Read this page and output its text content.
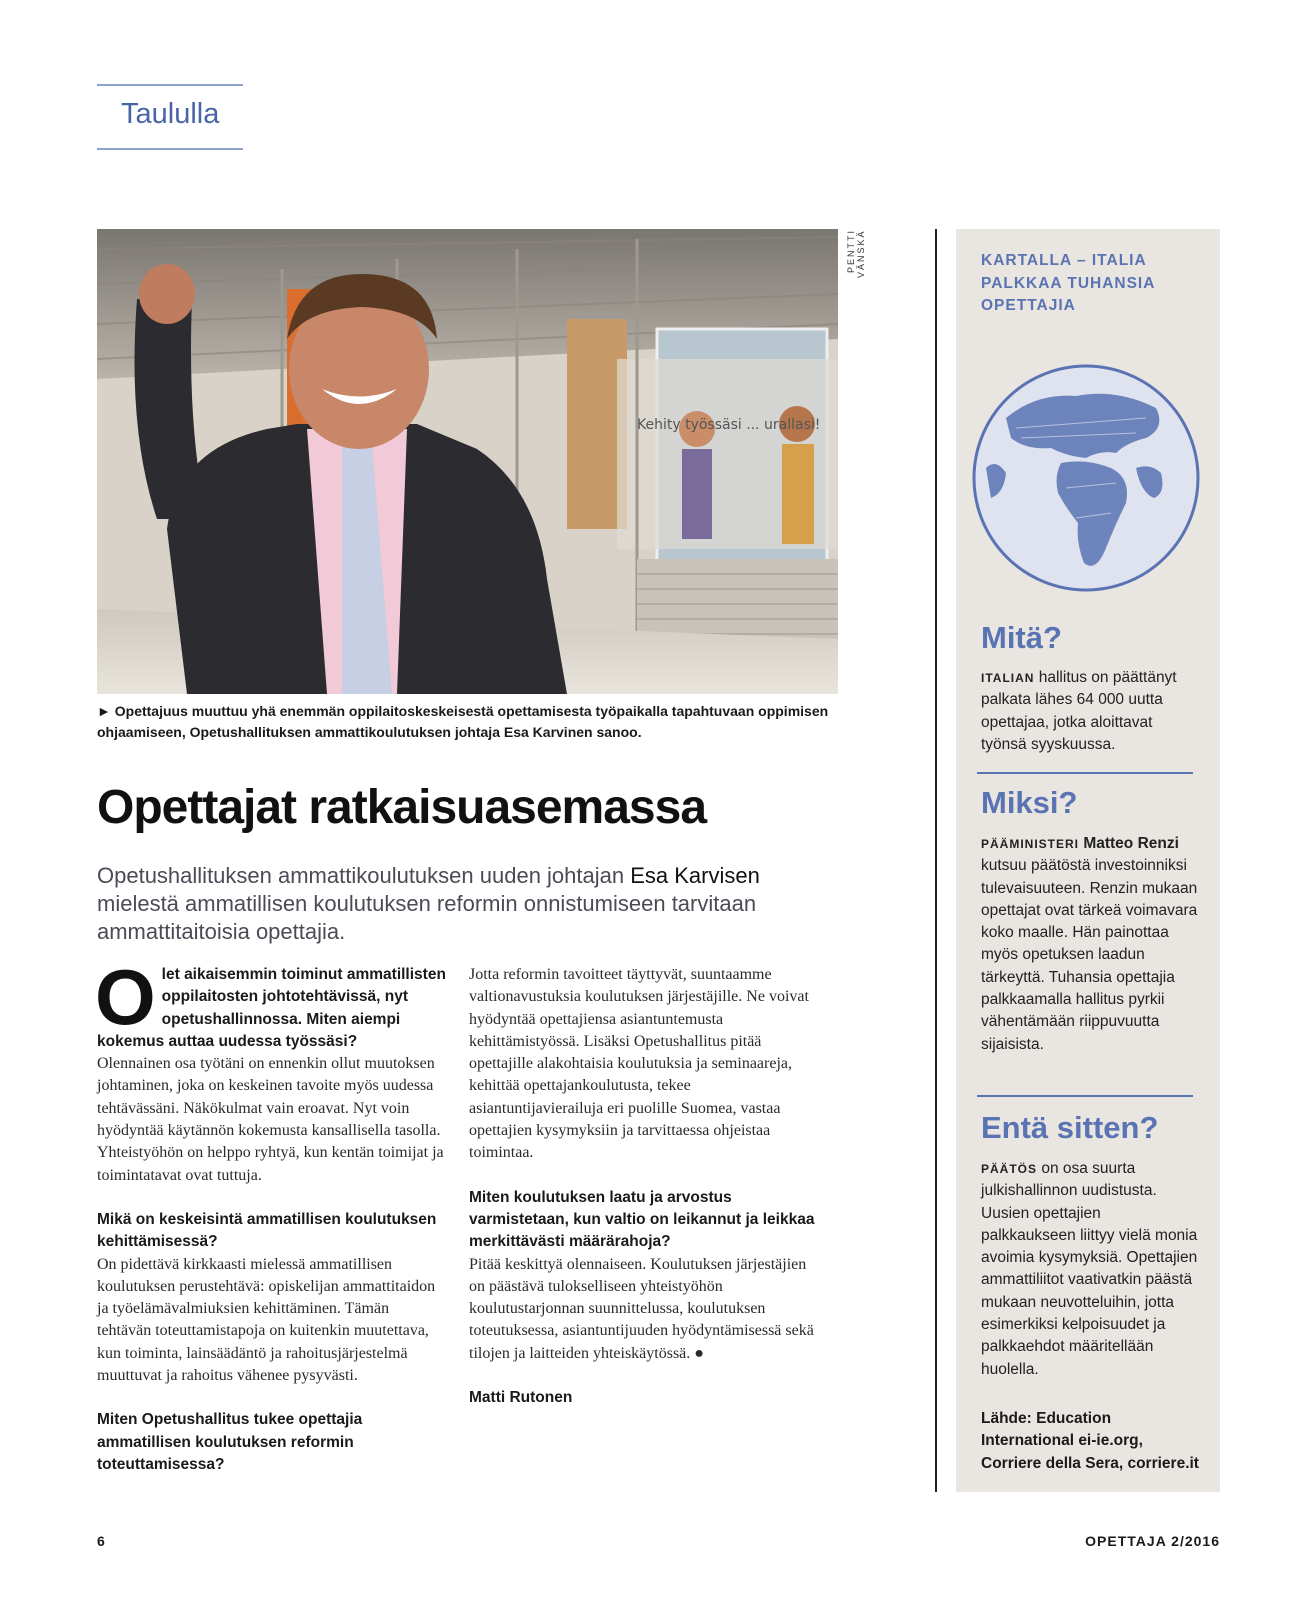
Taululla
Kehity työssäsi ... urallasi!
PENTTI VÄNSKÄ
► Opettajuus muuttuu yhä enemmän oppilaitoskeskeisestä opettamisesta työpaikalla tapahtuvaan oppimisen ohjaamiseen, Opetushallituksen ammattikoulutuksen johtaja Esa Karvinen sanoo.
Opettajat ratkaisuasemassa
Opetushallituksen ammattikoulutuksen uuden johtajan Esa Karvisen mielestä ammatillisen koulutuksen reformin onnistumiseen tarvitaan ammattitaitoisia opettajia.
Olet aikaisemmin toiminut ammatillisten oppilaitosten johtotehtävissä, nyt opetushallinnossa. Miten aiempi kokemus auttaa uudessa työssäsi?
Olennainen osa työtäni on ennenkin ollut muutoksen johtaminen, joka on keskeinen tavoite myös uudessa tehtävässäni. Näkökulmat vain eroavat. Nyt voin hyödyntää käytännön kokemusta kansallisella tasolla. Yhteistyöhön on helppo ryhtyä, kun kentän toimijat ja toimintatavat ovat tuttuja.
Mikä on keskeisintä ammatillisen koulutuksen kehittämisessä?
On pidettävä kirkkaasti mielessä ammatillisen koulutuksen perustehtävä: opiskelijan ammattitaidon ja työelämävalmiuksien kehittäminen. Tämän tehtävän toteuttamistapoja on kuitenkin muutettava, kun toiminta, lainsäädäntö ja rahoitusjärjestelmä muuttuvat ja rahoitus vähenee pysyvästi.
Miten Opetushallitus tukee opettajia ammatillisen koulutuksen reformin toteuttamisessa?
Jotta reformin tavoitteet täyttyvät, suuntaamme valtionavustuksia koulutuksen järjestäjille. Ne voivat hyödyntää opettajiensa asiantuntemusta kehittämistyössä. Lisäksi Opetushallitus pitää opettajille alakohtaisia koulutuksia ja seminaareja, kehittää opettajankoulutusta, tekee asiantuntijavierailuja eri puolille Suomea, vastaa opettajien kysymyksiin ja tarvittaessa ohjeistaa toimintaa.
Miten koulutuksen laatu ja arvostus varmistetaan, kun valtio on leikannut ja leikkaa merkittävästi määrärahoja?
Pitää keskittyä olennaiseen. Koulutuksen järjestäjien on päästävä tulokselliseen yhteistyöhön koulutustarjonnan suunnittelussa, koulutuksen toteutuksessa, asiantuntijuuden hyödyntämisessä sekä tilojen ja laitteiden yhteiskäytössä. ●
Matti Rutonen
KARTALLA – ITALIA PALKKAA TUHANSIA OPETTAJIA
Mitä?
ITALIAN hallitus on päättänyt palkata lähes 64 000 uutta opettajaa, jotka aloittavat työnsä syyskuussa.
Miksi?
PÄÄMINISTERI Matteo Renzi kutsuu päätöstä investoinniksi tulevaisuuteen. Renzin mukaan opettajat ovat tärkeä voimavara koko maalle. Hän painottaa myös opetuksen laadun tärkeyttä. Tuhansia opettajia palkkaamalla hallitus pyrkii vähentämään riippuvuutta sijaisista.
Entä sitten?
PÄÄTÖS on osa suurta julkishallinnon uudistusta. Uusien opettajien palkkaukseen liittyy vielä monia avoimia kysymyksiä. Opettajien ammattiliitot vaativatkin päästä mukaan neuvotteluihin, jotta esimerkiksi kelpoisuudet ja palkkaehdot määritellään huolella.
Lähde: Education International ei-ie.org, Corriere della Sera, corriere.it
6	OPETTAJA 2/2016
